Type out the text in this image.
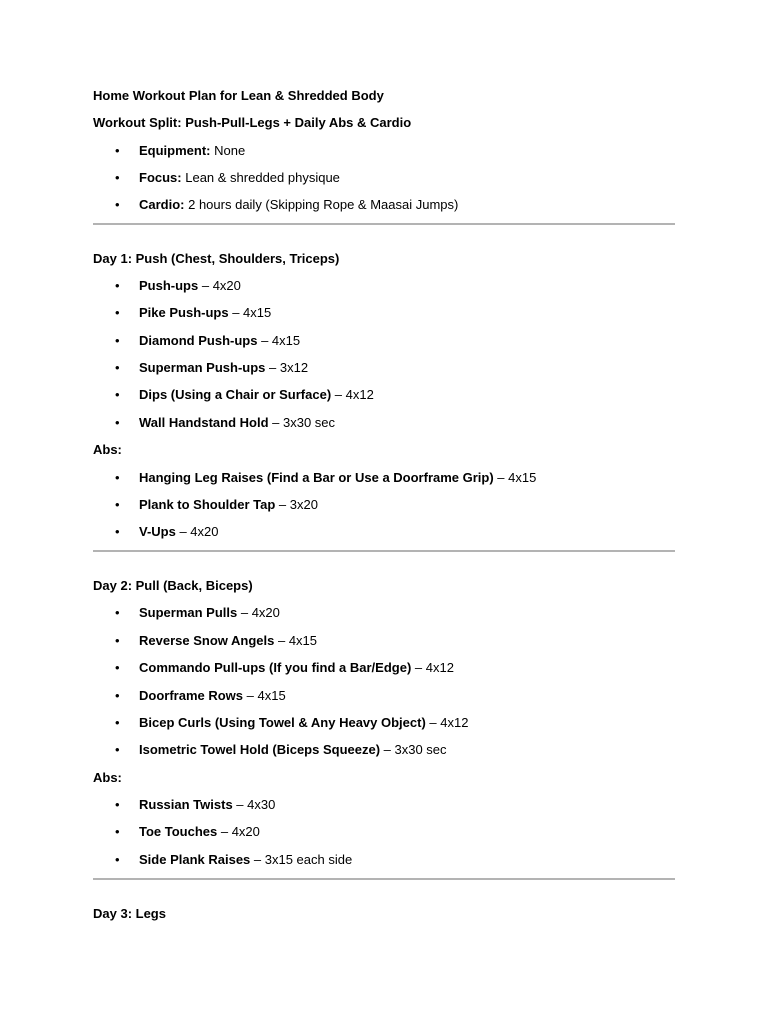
Home Workout Plan for Lean & Shredded Body
Workout Split: Push-Pull-Legs + Daily Abs & Cardio
•	Equipment: None
•	Focus: Lean & shredded physique
•	Cardio: 2 hours daily (Skipping Rope & Maasai Jumps)
Day 1: Push (Chest, Shoulders, Triceps)
•	Push-ups – 4x20
•	Pike Push-ups – 4x15
•	Diamond Push-ups – 4x15
•	Superman Push-ups – 3x12
•	Dips (Using a Chair or Surface) – 4x12
•	Wall Handstand Hold – 3x30 sec
Abs:
•	Hanging Leg Raises (Find a Bar or Use a Doorframe Grip) – 4x15
•	Plank to Shoulder Tap – 3x20
•	V-Ups – 4x20
Day 2: Pull (Back, Biceps)
•	Superman Pulls – 4x20
•	Reverse Snow Angels – 4x15
•	Commando Pull-ups (If you find a Bar/Edge) – 4x12
•	Doorframe Rows – 4x15
•	Bicep Curls (Using Towel & Any Heavy Object) – 4x12
•	Isometric Towel Hold (Biceps Squeeze) – 3x30 sec
Abs:
•	Russian Twists – 4x30
•	Toe Touches – 4x20
•	Side Plank Raises – 3x15 each side
Day 3: Legs
